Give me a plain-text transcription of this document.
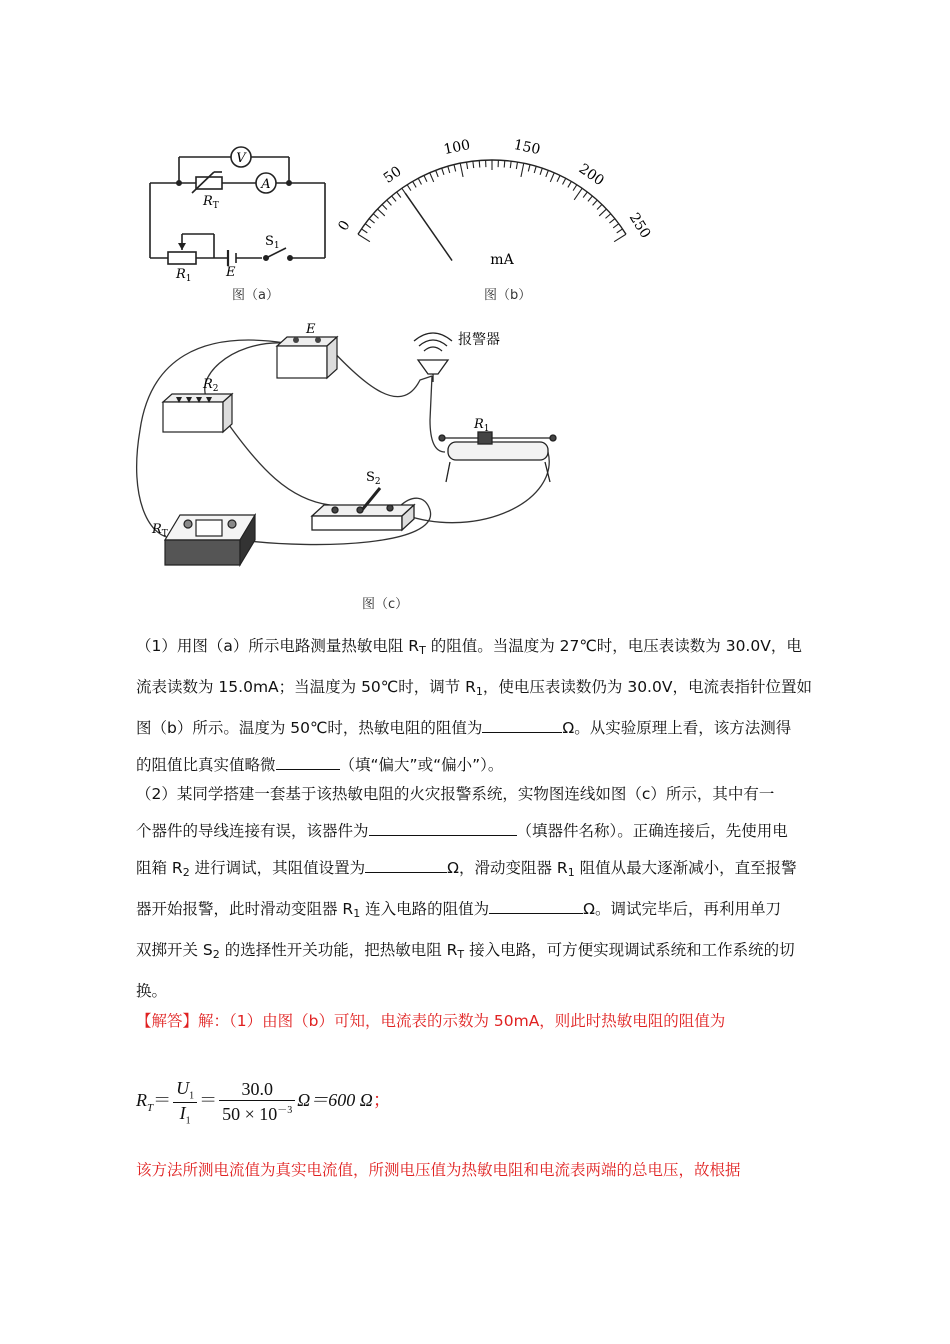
V
A
$R_T$
$R_1$	E
$S_1$
图（a）
0
50
100	150
200
250
mA
图（b）
E
$R_2$
报警器
$R_1$
$S_2$
$R_T$
图（c）
（1）用图（a）所示电路测量热敏电阻 $R_T$ 的阻值。当温度为 27℃时，电压表读数为 30.0V，电
流表读数为 15.0mA；当温度为 50℃时，调节 $R_1$，使电压表读数仍为 30.0V，电流表指针位置如
图（b）所示。温度为 50℃时，热敏电阻的阻值为	Ω。从实验原理上看，该方法测得
的阻值比真实值略微	（填“偏大”或“偏小”）。
（2）某同学搭建一套基于该热敏电阻的火灾报警系统，实物图连线如图（c）所示，其中有一
个器件的导线连接有误，该器件为	（填器件名称）。正确连接后，先使用电
阻箱 $R_2$ 进行调试，其阻值设置为	Ω，滑动变阻器 $R_1$ 阻值从最大逐渐减小，直至报警
器开始报警，此时滑动变阻器 $R_1$ 连入电路的阻值为	Ω。调试完毕后，再利用单刀
双掷开关 $S_2$ 的选择性开关功能，把热敏电阻 $R_T$ 接入电路，可方便实现调试系统和工作系统的切
换。
【解答】解：（1）由图（b）可知，电流表的示数为 50mA，则此时热敏电阻的阻值为
$R_T= \frac{U_1}{I_1} = \frac{30.0}{50 \times 10^{-3}} \Omega=600$ Ω；
该方法所测电流值为真实电流值，所测电压值为热敏电阻和电流表两端的总电压，故根据
